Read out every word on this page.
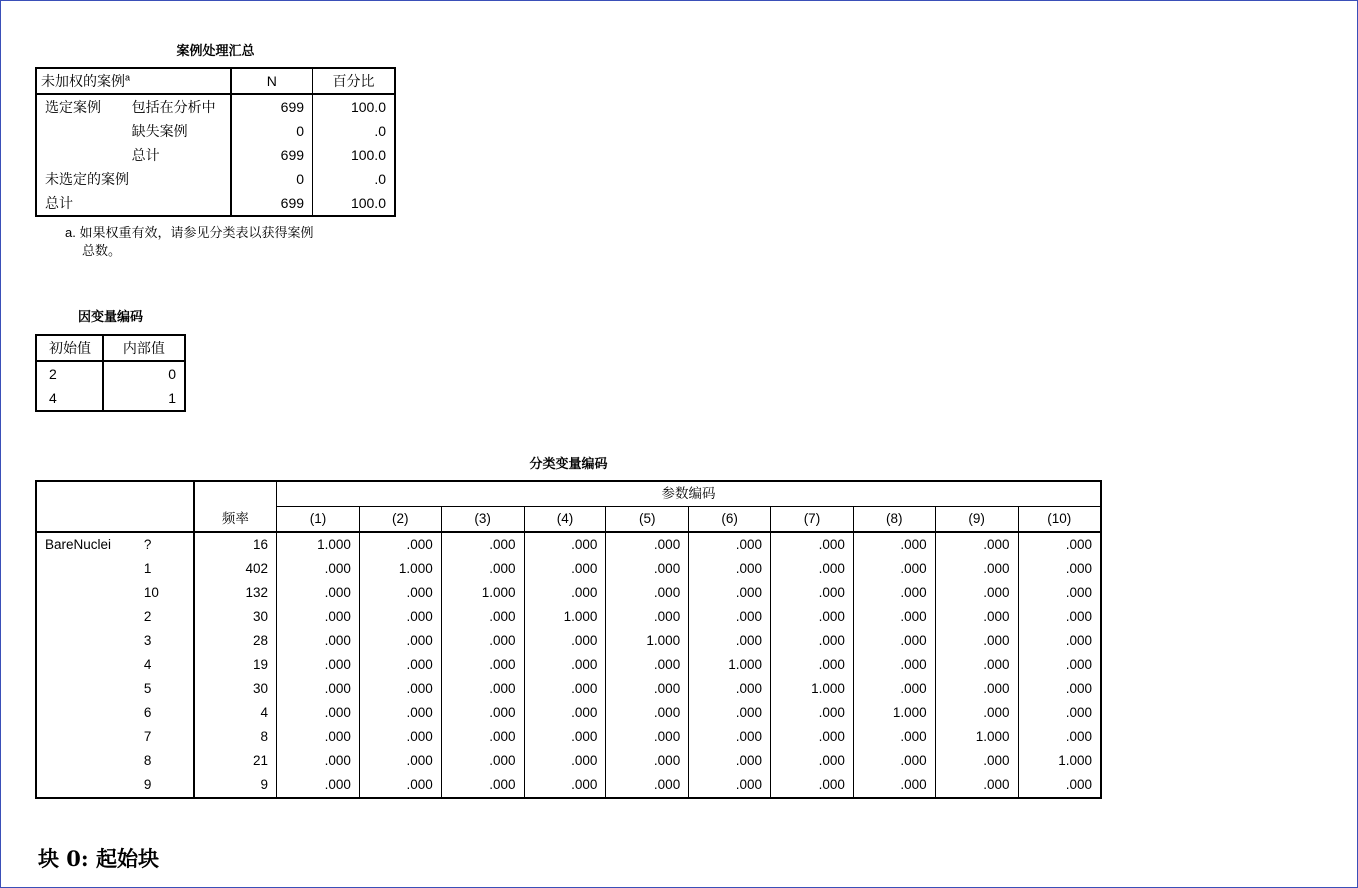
案例处理汇总
未加权的案例$^a$		N	百分比
选定案例	包括在分析中	699	100.0
	缺失案例	0	.0
	总计	699	100.0
未选定的案例		0	.0
总计		699	100.0
a. 如果权重有效，请参见分类表以获得案例
总数。
因变量编码
初始值	内部值
2	0
4	1
分类变量编码
		频率	参数编码									
			(1)	(2)	(3)	(4)	(5)	(6)	(7)	(8)	(9)	(10)
BareNuclei	?	16	1.000	.000	.000	.000	.000	.000	.000	.000	.000	.000
	1	402	.000	1.000	.000	.000	.000	.000	.000	.000	.000	.000
	10	132	.000	.000	1.000	.000	.000	.000	.000	.000	.000	.000
	2	30	.000	.000	.000	1.000	.000	.000	.000	.000	.000	.000
	3	28	.000	.000	.000	.000	1.000	.000	.000	.000	.000	.000
	4	19	.000	.000	.000	.000	.000	1.000	.000	.000	.000	.000
	5	30	.000	.000	.000	.000	.000	.000	1.000	.000	.000	.000
	6	4	.000	.000	.000	.000	.000	.000	.000	1.000	.000	.000
	7	8	.000	.000	.000	.000	.000	.000	.000	.000	1.000	.000
	8	21	.000	.000	.000	.000	.000	.000	.000	.000	.000	1.000
	9	9	.000	.000	.000	.000	.000	.000	.000	.000	.000	.000
块 0: 起始块
